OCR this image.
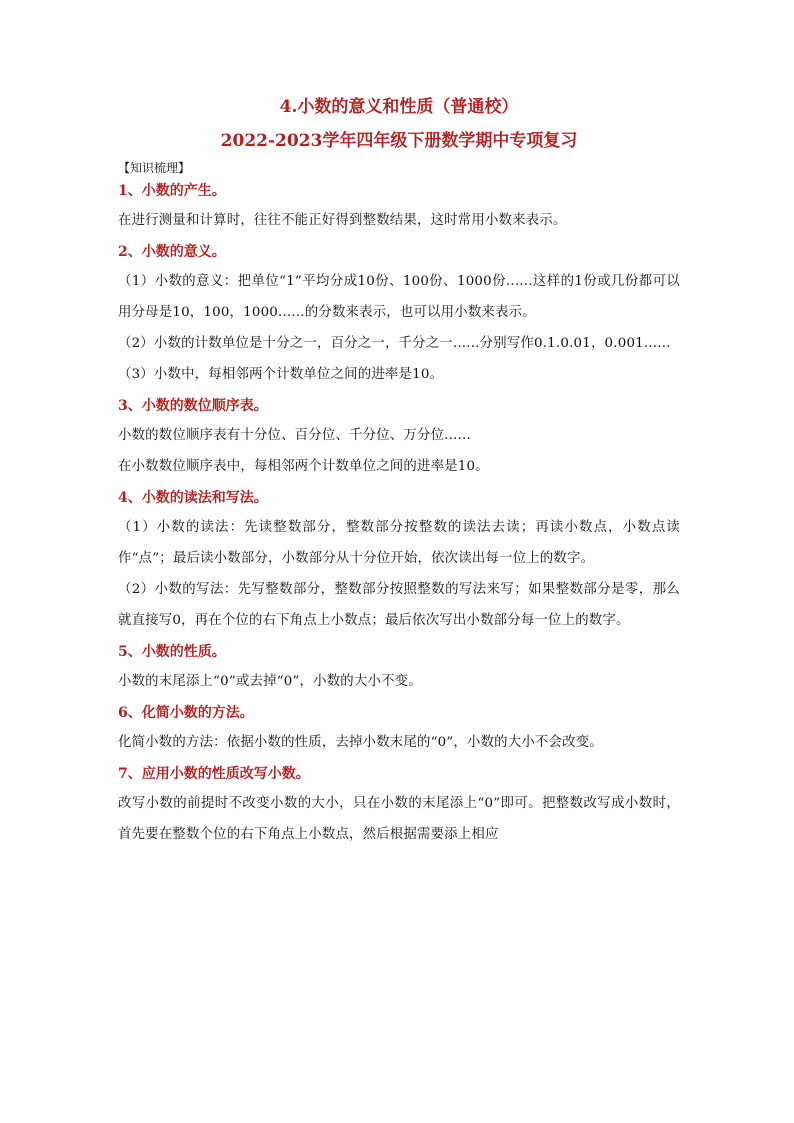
4.小数的意义和性质（普通校）
2022-2023学年四年级下册数学期中专项复习
【知识梳理】
1、小数的产生。

在进行测量和计算时，往往不能正好得到整数结果，这时常用小数来表示。

2、小数的意义。

（1）小数的意义：把单位“1”平均分成10份、100份、1000份......这样的1份或几份都可以用分母是10，100，1000......的分数来表示，也可以用小数来表示。

（2）小数的计数单位是十分之一，百分之一，千分之一......分别写作0.1.0.01，0.001......

（3）小数中，每相邻两个计数单位之间的进率是10。

3、小数的数位顺序表。

小数的数位顺序表有十分位、百分位、千分位、万分位......

在小数数位顺序表中，每相邻两个计数单位之间的进率是10。

4、小数的读法和写法。

（1）小数的读法：先读整数部分，整数部分按整数的读法去读；再读小数点，小数点读作“点”；最后读小数部分，小数部分从十分位开始，依次读出每一位上的数字。

（2）小数的写法：先写整数部分，整数部分按照整数的写法来写；如果整数部分是零，那么就直接写0，再在个位的右下角点上小数点；最后依次写出小数部分每一位上的数字。

5、小数的性质。

小数的末尾添上“0”或去掉“0”，小数的大小不变。

6、化简小数的方法。

化简小数的方法：依据小数的性质，去掉小数末尾的“0”，小数的大小不会改变。

7、应用小数的性质改写小数。

改写小数的前提时不改变小数的大小，只在小数的末尾添上“0”即可。把整数改写成小数时，首先要在整数个位的右下角点上小数点，然后根据需要添上相应
